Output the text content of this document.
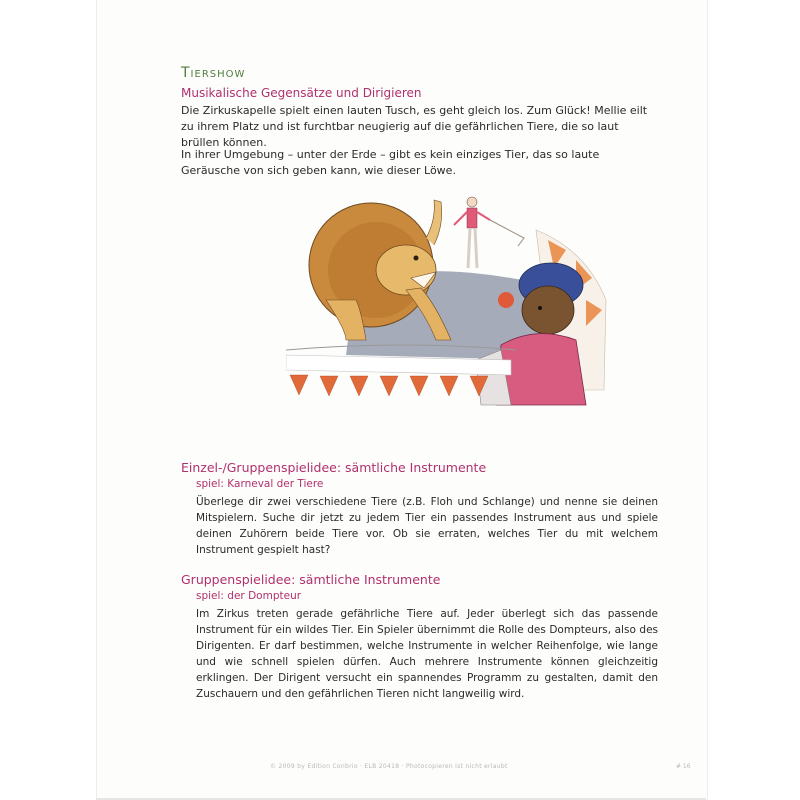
Tiershow
Musikalische Gegensätze und Dirigieren

Die Zirkuskapelle spielt einen lauten Tusch, es geht gleich los. Zum Glück! Mellie eilt zu ihrem Platz und ist furchtbar neugierig auf die gefährlichen Tiere, die so laut brüllen können.

In ihrer Umgebung – unter der Erde – gibt es kein einziges Tier, das so laute Geräusche von sich geben kann, wie dieser Löwe.

Einzel-/Gruppenspielidee: sämtliche Instrumente
spiel: Karneval der Tiere

Überlege dir zwei verschiedene Tiere (z.B. Floh und Schlange) und nenne sie deinen Mitspielern. Suche dir jetzt zu jedem Tier ein passendes Instrument aus und spiele deinen Zuhörern beide Tiere vor. Ob sie erraten, welches Tier du mit welchem Instrument gespielt hast?

Gruppenspielidee: sämtliche Instrumente
spiel: der Dompteur

Im Zirkus treten gerade gefährliche Tiere auf. Jeder überlegt sich das passende Instrument für ein wildes Tier. Ein Spieler übernimmt die Rolle des Dompteurs, also des Dirigenten. Er darf bestimmen, welche Instrumente in welcher Reihenfolge, wie lange und wie schnell spielen dürfen. Auch mehrere Instrumente können gleichzeitig erklingen. Der Dirigent versucht ein spannendes Programm zu gestalten, damit den Zuschauern und den gefährlichen Tieren nicht langweilig wird.

© 2009 by Edition Conbrio · ELB 20418 · Photocopieren ist nicht erlaubt	# 16
